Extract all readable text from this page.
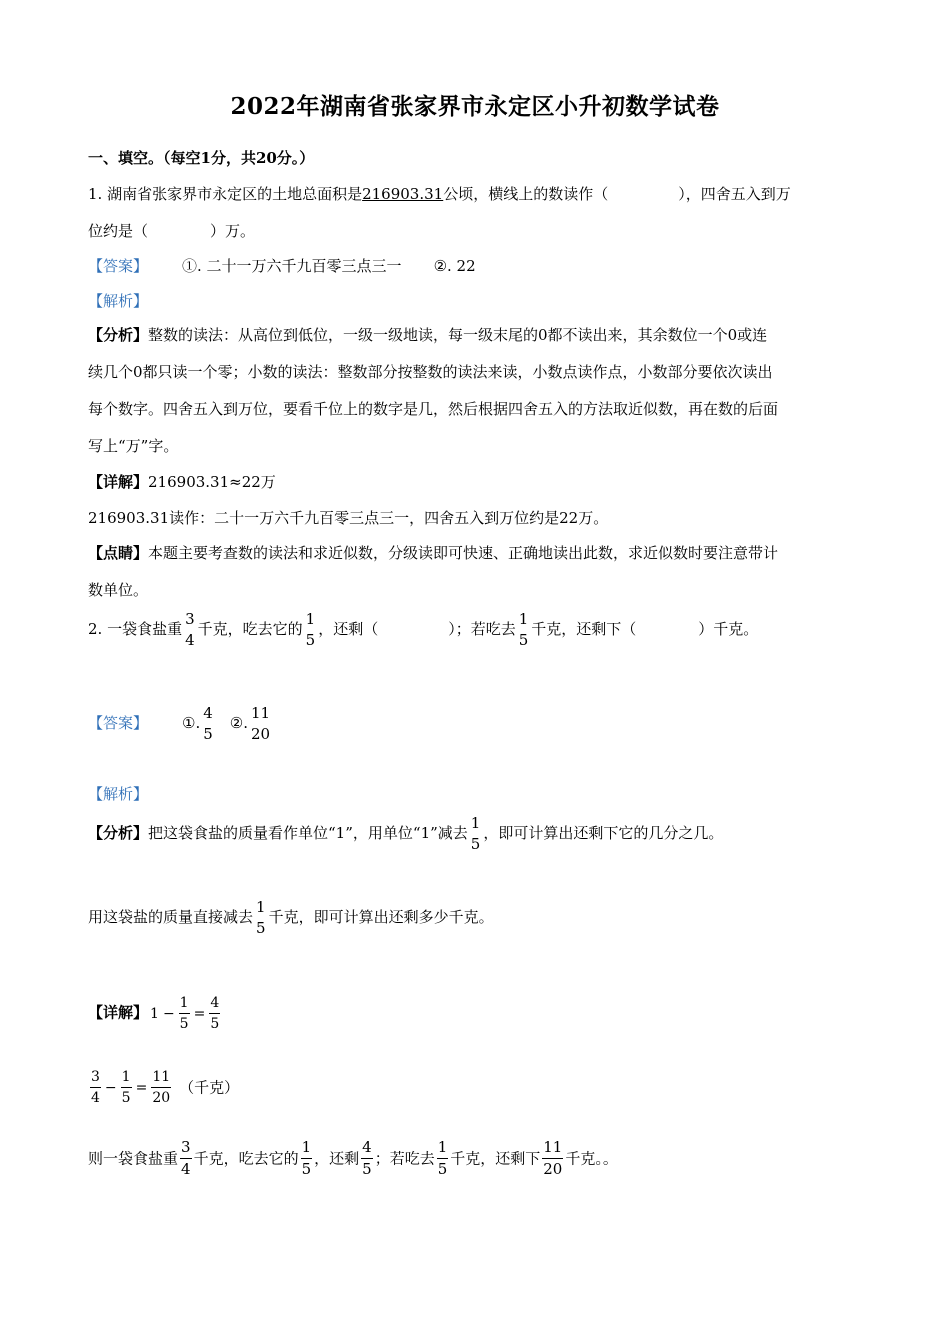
2022年湖南省张家界市永定区小升初数学试卷
一、填空。（每空1分，共20分。）
1. 湖南省张家界市永定区的土地总面积是216903.31公顷，横线上的数读作（	），四舍五入到万
位约是（	）万。
【答案】 ①. 二十一万六千九百零三点三一 ②. 22
【解析】
【分析】整数的读法：从高位到低位，一级一级地读，每一级末尾的0都不读出来，其余数位一个0或连
续几个0都只读一个零；小数的读法：整数部分按整数的读法来读，小数点读作点，小数部分要依次读出
每个数字。四舍五入到万位，要看千位上的数字是几，然后根据四舍五入的方法取近似数，再在数的后面
写上“万”字。
【详解】216903.31≈22万
216903.31读作：二十一万六千九百零三点三一，四舍五入到万位约是22万。
【点睛】本题主要考查数的读法和求近似数，分级读即可快速、正确地读出此数，求近似数时要注意带计
数单位。
2. 一袋食盐重
3
4
千克，吃去它的
1
5
，还剩（	）；若吃去
1
5
千克，还剩下（	）千克。
【答案】 ①.
4
5
②.
11
20
【解析】
【分析】把这袋食盐的质量看作单位“1”，用单位“1”减去
1
5
，即可计算出还剩下它的几分之几。
用这袋盐的质量直接减去
1
5
千克，即可计算出还剩多少千克。
【详解】 $1 - \frac{1}{5} = \frac{4}{5}$
$\frac{3}{4} - \frac{1}{5} = \frac{11}{20}$ （千克）
则一袋食盐重 $\frac{3}{4}$ 千克，吃去它的 $\frac{1}{5}$ ，还剩 $\frac{4}{5}$ ；若吃去 $\frac{1}{5}$ 千克，还剩下 $\frac{11}{20}$ 千克。。
